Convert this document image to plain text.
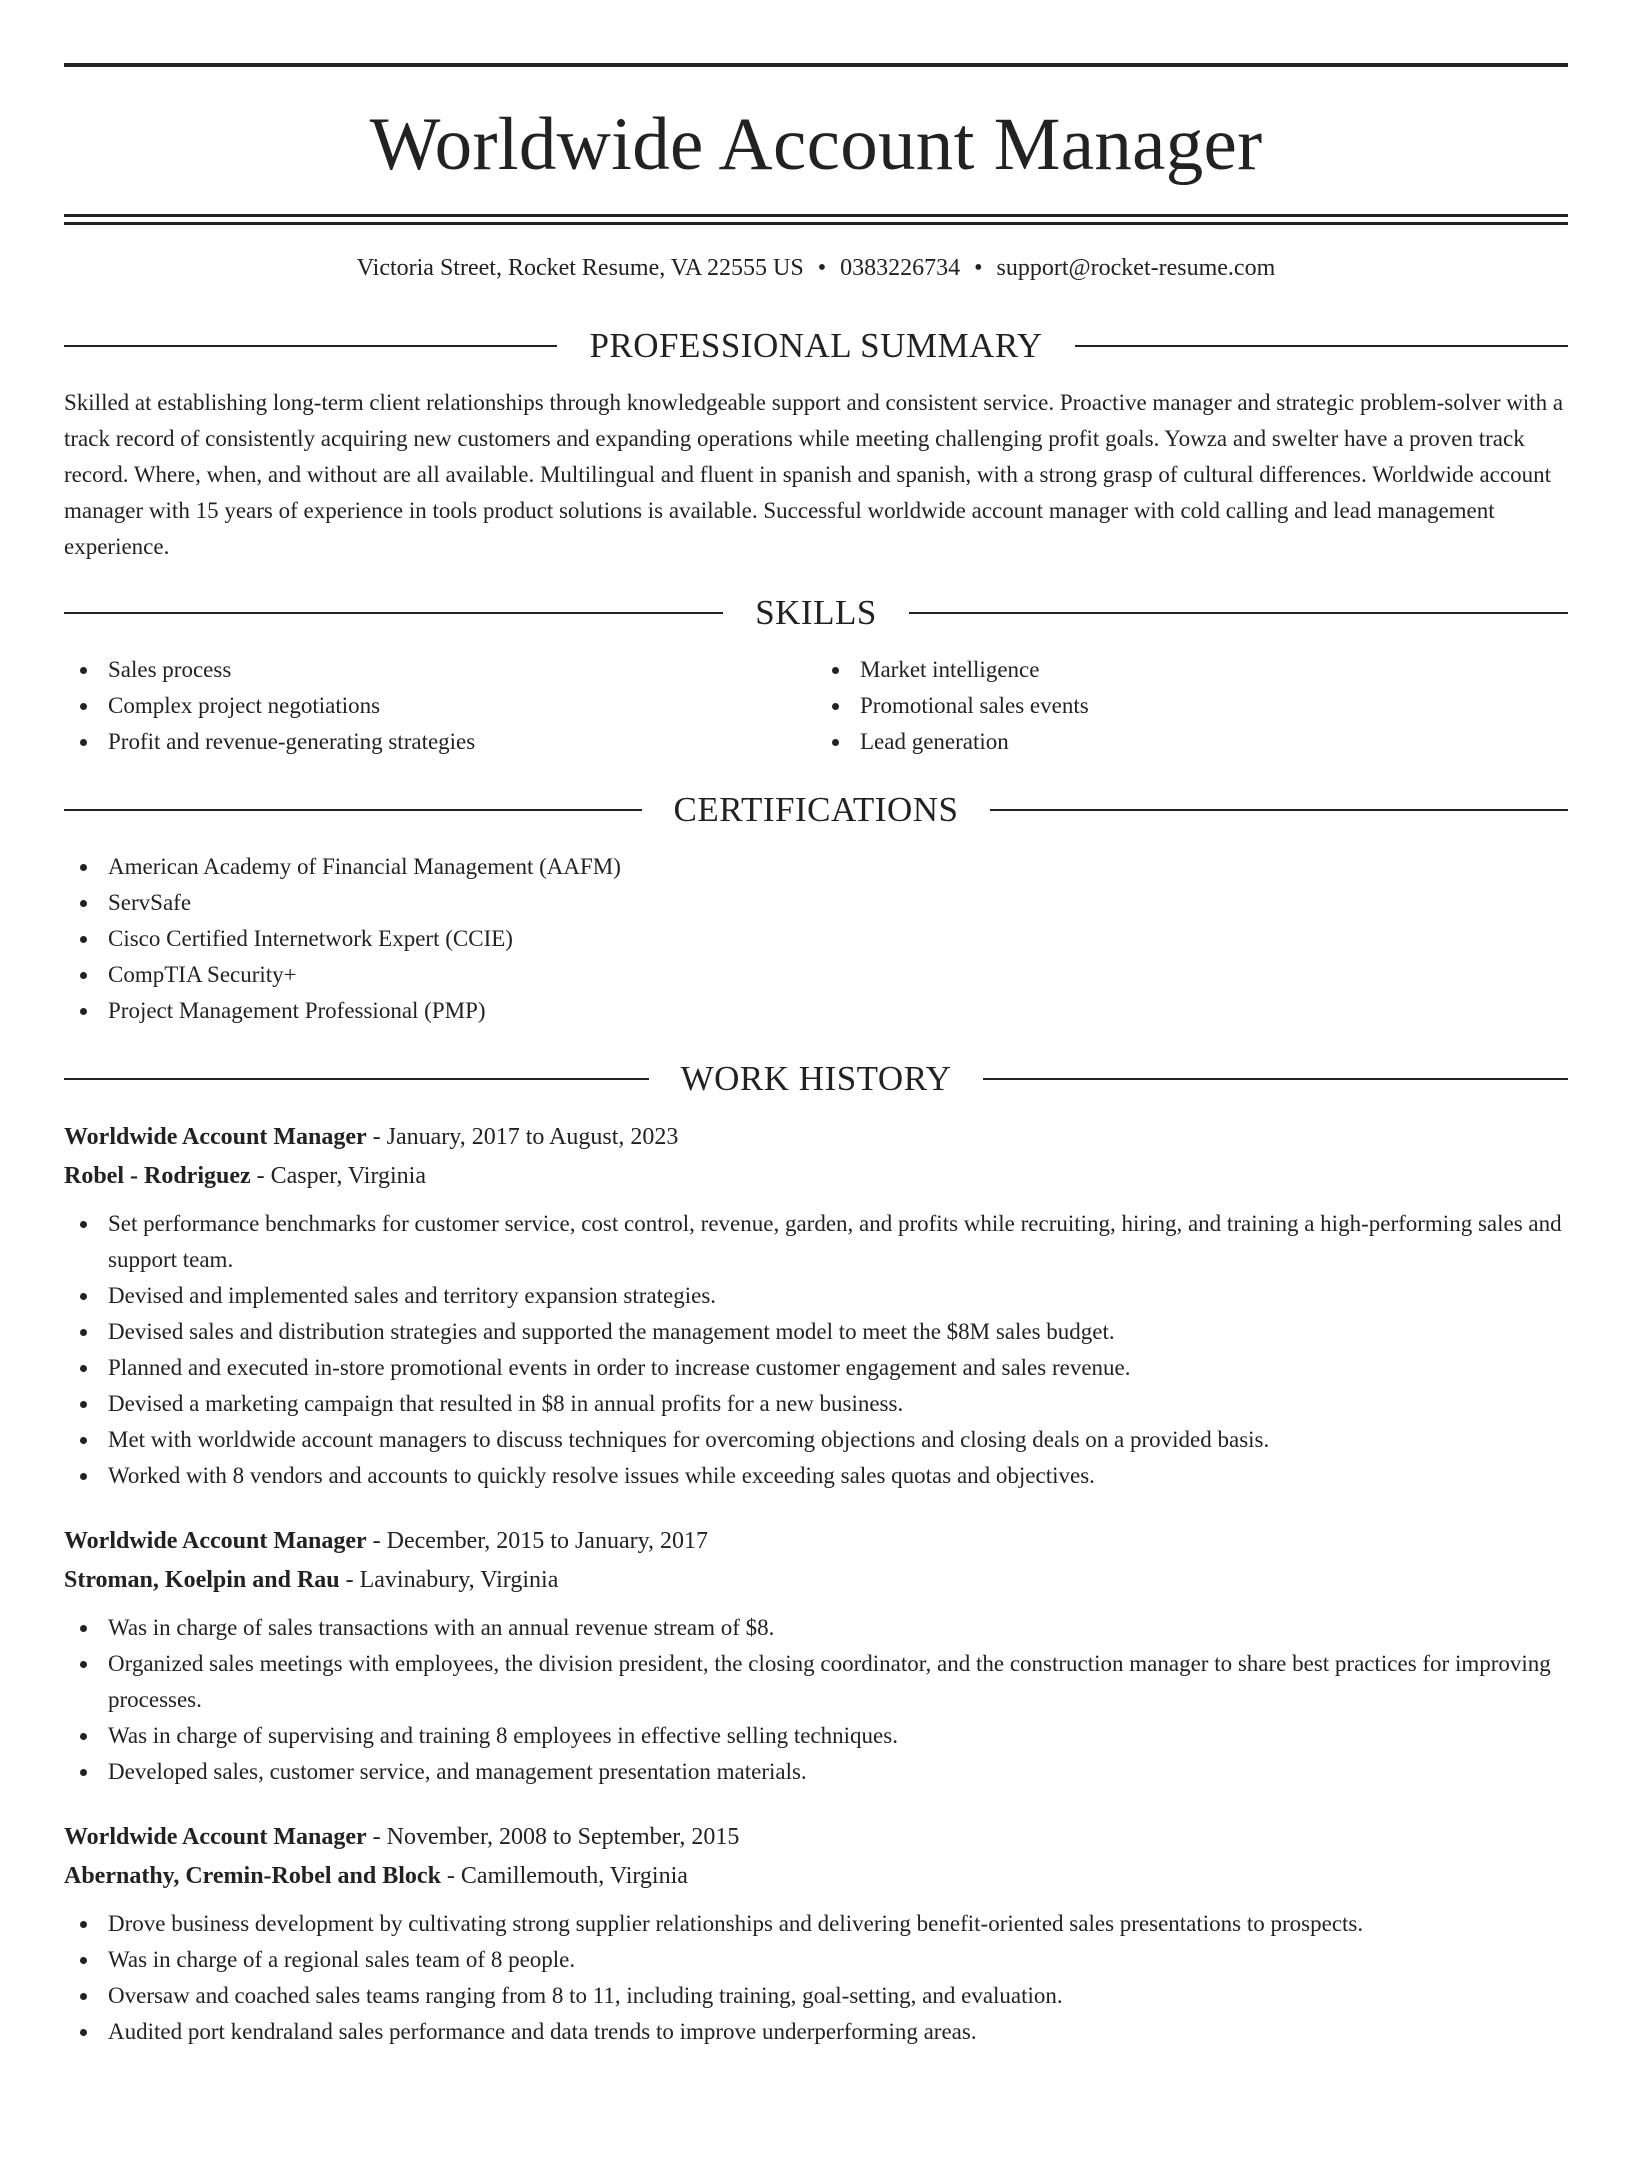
Worldwide Account Manager
Victoria Street, Rocket Resume, VA 22555 US • 0383226734 • support@rocket-resume.com
PROFESSIONAL SUMMARY

Skilled at establishing long-term client relationships through knowledgeable support and consistent service. Proactive manager and strategic problem-solver with a track record of consistently acquiring new customers and expanding operations while meeting challenging profit goals. Yowza and swelter have a proven track record. Where, when, and without are all available. Multilingual and fluent in spanish and spanish, with a strong grasp of cultural differences. Worldwide account manager with 15 years of experience in tools product solutions is available. Successful worldwide account manager with cold calling and lead management experience.

SKILLS
Sales process
Complex project negotiations
Profit and revenue-generating strategies
Market intelligence
Promotional sales events
Lead generation
CERTIFICATIONS
American Academy of Financial Management (AAFM)
ServSafe
Cisco Certified Internetwork Expert (CCIE)
CompTIA Security+
Project Management Professional (PMP)
WORK HISTORY
Worldwide Account Manager - January, 2017 to August, 2023
Robel - Rodriguez - Casper, Virginia
Set performance benchmarks for customer service, cost control, revenue, garden, and profits while recruiting, hiring, and training a high-performing sales and support team.
Devised and implemented sales and territory expansion strategies.
Devised sales and distribution strategies and supported the management model to meet the $8M sales budget.
Planned and executed in-store promotional events in order to increase customer engagement and sales revenue.
Devised a marketing campaign that resulted in $8 in annual profits for a new business.
Met with worldwide account managers to discuss techniques for overcoming objections and closing deals on a provided basis.
Worked with 8 vendors and accounts to quickly resolve issues while exceeding sales quotas and objectives.
Worldwide Account Manager - December, 2015 to January, 2017
Stroman, Koelpin and Rau - Lavinabury, Virginia
Was in charge of sales transactions with an annual revenue stream of $8.
Organized sales meetings with employees, the division president, the closing coordinator, and the construction manager to share best practices for improving processes.
Was in charge of supervising and training 8 employees in effective selling techniques.
Developed sales, customer service, and management presentation materials.
Worldwide Account Manager - November, 2008 to September, 2015
Abernathy, Cremin-Robel and Block - Camillemouth, Virginia
Drove business development by cultivating strong supplier relationships and delivering benefit-oriented sales presentations to prospects.
Was in charge of a regional sales team of 8 people.
Oversaw and coached sales teams ranging from 8 to 11, including training, goal-setting, and evaluation.
Audited port kendraland sales performance and data trends to improve underperforming areas.
